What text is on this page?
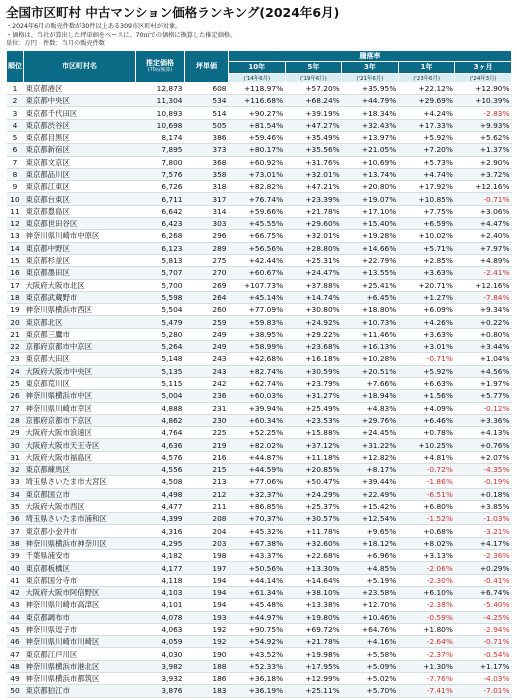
全国市区町村 中古マンション価格ランキング(2024年6月)
・2024年6月の販売件数が30件以上ある309市区町村が対象。
・価格は、当社が算出した坪単価をベースに、70㎡での価格に換算した推定価格。
単位：万円　件数：当月の販売件数
順位	市区町村名	推定価格
(70㎡換算)	坪単価	騰落率				
				10年	5年	3年	1年	3ヶ月
				('14年6月)	('19年6月)	('21年6月)	('23年6月)	('24年3月)
1	東京都港区	12,873	608	+118.97%	+57.20%	+35.95%	+22.12%	+12.90%
2	東京都中央区	11,304	534	+116.68%	+68.24%	+44.79%	+29.69%	+10.39%
3	東京都千代田区	10,893	514	+90.27%	+39.19%	+18.34%	+4.24%	-2.83%
4	東京都渋谷区	10,698	505	+81.54%	+47.27%	+32.43%	+17.33%	+9.93%
5	東京都目黒区	8,174	386	+59.46%	+35.49%	+13.97%	+5.92%	+5.62%
6	東京都新宿区	7,895	373	+80.17%	+35.56%	+21.05%	+7.20%	+1.37%
7	東京都文京区	7,800	368	+60.92%	+31.76%	+10.69%	+5.73%	+2.90%
8	東京都品川区	7,576	358	+73.01%	+32.01%	+13.74%	+4.74%	+3.72%
9	東京都江東区	6,726	318	+82.82%	+47.21%	+20.80%	+17.92%	+12.16%
10	東京都台東区	6,711	317	+76.74%	+23.39%	+19.07%	+10.85%	-0.71%
11	東京都豊島区	6,642	314	+59.66%	+21.78%	+17.10%	+7.75%	+3.06%
12	東京都世田谷区	6,423	303	+45.55%	+29.60%	+15.40%	+6.59%	+4.47%
13	神奈川県川崎市中原区	6,268	296	+66.75%	+32.01%	+19.28%	+10.02%	+2.40%
14	東京都中野区	6,123	289	+56.56%	+28.80%	+14.66%	+5.71%	+7.97%
15	東京都杉並区	5,813	275	+42.44%	+25.31%	+22.79%	+2.85%	+4.89%
16	東京都墨田区	5,707	270	+60.67%	+24.47%	+13.55%	+3.63%	-2.41%
17	大阪府大阪市北区	5,700	269	+107.73%	+37.88%	+25.41%	+20.71%	+12.16%
18	東京都武蔵野市	5,598	264	+45.14%	+14.74%	+6.45%	+1.27%	-7.84%
19	神奈川県横浜市西区	5,504	260	+77.09%	+30.80%	+18.80%	+6.09%	+9.34%
20	東京都北区	5,479	259	+59.83%	+24.92%	+10.73%	+4.26%	+0.22%
21	東京都三鷹市	5,280	249	+38.95%	+29.22%	+11.46%	+3.63%	+0.80%
22	京都府京都市中京区	5,264	249	+58.99%	+23.68%	+16.13%	+3.01%	+3.44%
23	東京都大田区	5,148	243	+42.68%	+16.18%	+10.28%	-0.71%	+1.04%
24	大阪府大阪市中央区	5,135	243	+82.74%	+30.59%	+20.51%	+5.92%	+4.56%
25	東京都荒川区	5,115	242	+62.74%	+23.79%	+7.66%	+6.63%	+1.97%
26	神奈川県横浜市中区	5,004	236	+60.03%	+31.27%	+18.94%	+1.56%	+5.77%
27	神奈川県川崎市幸区	4,888	231	+39.94%	+25.49%	+4.83%	+4.09%	-0.12%
28	京都府京都市下京区	4,862	230	+60.34%	+23.53%	+29.76%	+6.46%	+3.36%
29	大阪府大阪市浪速区	4,764	225	+52.25%	+15.88%	+24.45%	+0.78%	+4.13%
30	大阪府大阪市天王寺区	4,636	219	+82.02%	+37.12%	+31.22%	+10.25%	+0.76%
31	大阪府大阪市福島区	4,576	216	+44.87%	+11.18%	+12.82%	+4.81%	+2.07%
32	東京都練馬区	4,556	215	+44.59%	+20.85%	+8.17%	-0.72%	-4.35%
33	埼玉県さいたま市大宮区	4,508	213	+77.06%	+50.47%	+39.44%	-1.86%	-0.19%
34	東京都国立市	4,498	212	+32.37%	+24.29%	+22.49%	-6.51%	+0.18%
35	大阪府大阪市西区	4,477	211	+86.85%	+25.37%	+15.42%	+6.80%	+3.85%
36	埼玉県さいたま市浦和区	4,399	208	+70.37%	+30.57%	+12.54%	-1.52%	-1.03%
37	東京都小金井市	4,316	204	+45.32%	+11.78%	+9.65%	+0.68%	-3.21%
38	神奈川県横浜市神奈川区	4,295	203	+67.38%	+32.60%	+18.12%	+8.02%	+4.17%
39	千葉県浦安市	4,182	198	+43.37%	+22.68%	+6.96%	+3.13%	-2.36%
40	東京都板橋区	4,177	197	+50.56%	+13.30%	+4.85%	-2.06%	+0.29%
41	東京都国分寺市	4,118	194	+44.14%	+14.64%	+5.19%	-2.30%	-0.41%
42	大阪府大阪市阿倍野区	4,103	194	+61.34%	+38.10%	+23.58%	+6.10%	+6.74%
43	神奈川県川崎市高津区	4,101	194	+45.48%	+13.38%	+12.70%	-2.38%	-5.40%
44	東京都調布市	4,078	193	+44.97%	+19.80%	+10.46%	-0.59%	-4.25%
45	神奈川県逗子市	4,063	192	+90.75%	+69.72%	+64.76%	+1.80%	-2.94%
46	神奈川県川崎市川崎区	4,059	192	+54.92%	+21.78%	+4.16%	-2.64%	-0.71%
47	東京都江戸川区	4,030	190	+43.52%	+19.98%	+5.58%	-2.37%	-0.54%
48	神奈川県横浜市港北区	3,982	188	+52.33%	+17.95%	+5.09%	+1.30%	+1.17%
49	神奈川県横浜市都筑区	3,932	186	+36.18%	+12.99%	+5.02%	-7.76%	-4.03%
50	東京都狛江市	3,876	183	+36.19%	+25.11%	+5.70%	-7.41%	-7.01%
